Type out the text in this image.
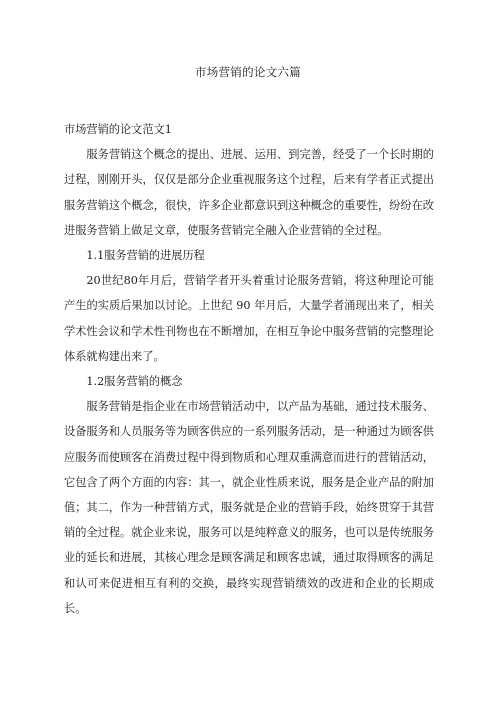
市场营销的论文六篇

市场营销的论文范文1

服务营销这个概念的提出、进展、运用、到完善，经受了一个长时期的过程，刚刚开头，仅仅是部分企业重视服务这个过程，后来有学者正式提出服务营销这个概念，很快，许多企业都意识到这种概念的重要性，纷纷在改进服务营销上做足文章，使服务营销完全融入企业营销的全过程。

1.1服务营销的进展历程

20世纪80年月后，营销学者开头着重讨论服务营销，将这种理论可能产生的实质后果加以讨论。上世纪 90 年月后，大量学者涌现出来了，相关学术性会议和学术性刊物也在不断增加，在相互争论中服务营销的完整理论体系就构建出来了。

1.2服务营销的概念

服务营销是指企业在市场营销活动中，以产品为基础，通过技术服务、设备服务和人员服务等为顾客供应的一系列服务活动，是一种通过为顾客供应服务而使顾客在消费过程中得到物质和心理双重满意而进行的营销活动，它包含了两个方面的内容：其一，就企业性质来说，服务是企业产品的附加值；其二，作为一种营销方式，服务就是企业的营销手段，始终贯穿于其营销的全过程。就企业来说，服务可以是纯粹意义的服务，也可以是传统服务业的延长和进展，其核心理念是顾客满足和顾客忠诚，通过取得顾客的满足和认可来促进相互有利的交换，最终实现营销绩效的改进和企业的长期成长。
